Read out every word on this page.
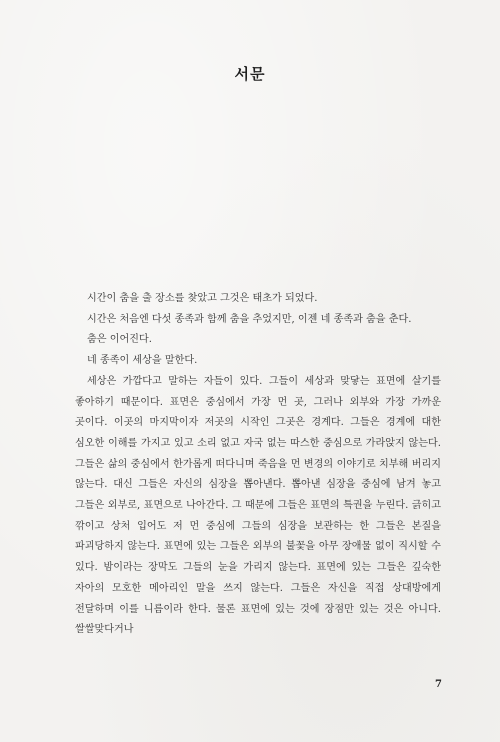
서문

시간이 춤을 출 장소를 찾았고 그것은 태초가 되었다.

시간은 처음엔 다섯 종족과 함께 춤을 추었지만, 이젠 네 종족과 춤을 춘다.

춤은 이어진다.

네 종족이 세상을 말한다.

세상은 가깝다고 말하는 자들이 있다. 그들이 세상과 맞닿는 표면에 살기를 좋아하기 때문이다. 표면은 중심에서 가장 먼 곳, 그러나 외부와 가장 가까운 곳이다. 이곳의 마지막이자 저곳의 시작인 그곳은 경계다. 그들은 경계에 대한 심오한 이해를 가지고 있고 소리 없고 자국 없는 따스한 중심으로 가라앉지 않는다. 그들은 삶의 중심에서 한가롭게 떠다니며 죽음을 먼 변경의 이야기로 치부해 버리지 않는다. 대신 그들은 자신의 심장을 뽑아낸다. 뽑아낸 심장을 중심에 남겨 놓고 그들은 외부로, 표면으로 나아간다. 그 때문에 그들은 표면의 특권을 누린다. 긁히고 깎이고 상처 입어도 저 먼 중심에 그들의 심장을 보관하는 한 그들은 본질을 파괴당하지 않는다. 표면에 있는 그들은 외부의 불꽃을 아무 장애물 없이 직시할 수 있다. 밤이라는 장막도 그들의 눈을 가리지 않는다. 표면에 있는 그들은 깊숙한 자아의 모호한 메아리인 말을 쓰지 않는다. 그들은 자신을 직접 상대방에게 전달하며 이를 니름이라 한다. 물론 표면에 있는 것에 장점만 있는 것은 아니다. 쌀쌀맞다거나

7
